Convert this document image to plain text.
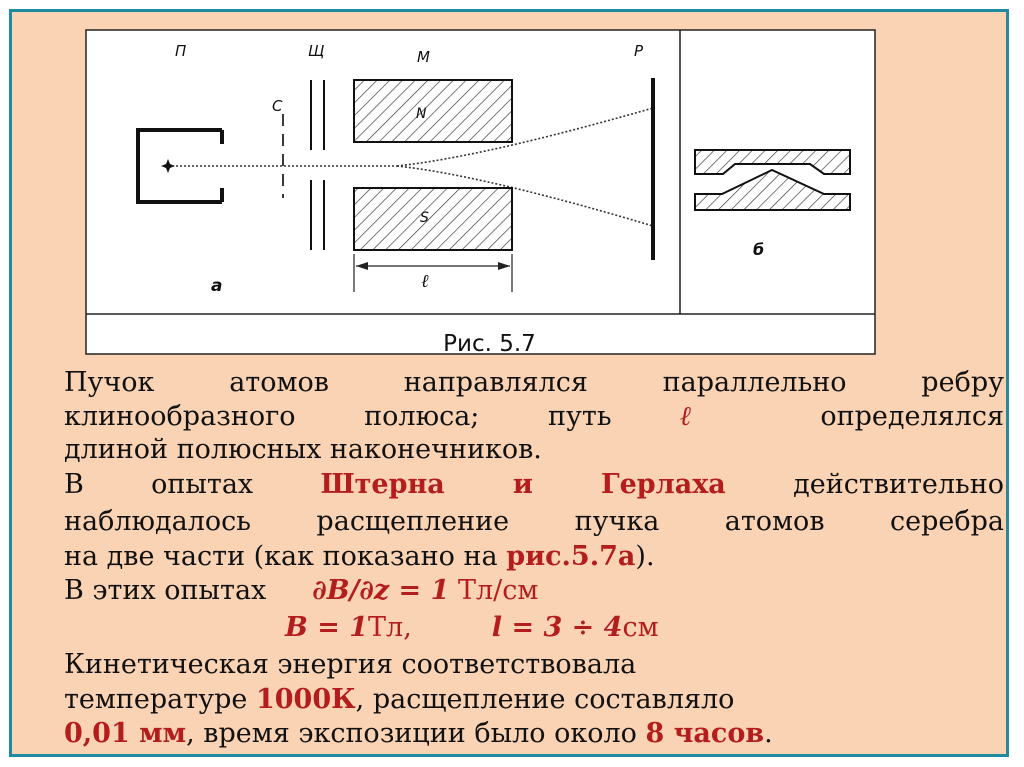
П	Щ	М	Р
С	N
S
ℓ
а
б
Рис. 5.7
Пучок атомов направлялся параллельно ребру
клинообразного полюса; путь	ℓ	определялся
длиной полюсных наконечников.
В опытах Штерна и Герлаха действительно
наблюдалось расщепление пучка атомов серебра
на две части (как показано на рис.5.7а).
В этих опытах ∂B/∂z = 1 Тл/см
B = 1Тл,	l = 3 ÷ 4см
Кинетическая энергия соответствовала
температуре 1000К, расщепление составляло
0,01 мм, время экспозиции было около 8 часов.
